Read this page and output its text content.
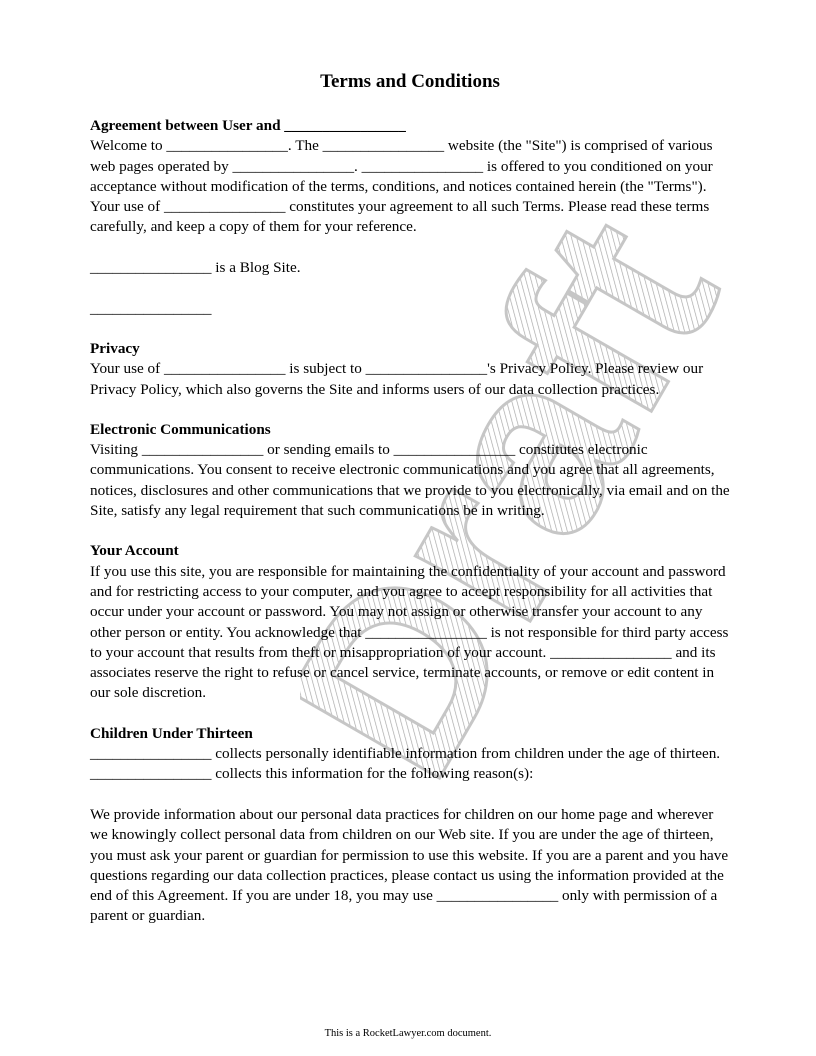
Draft
Terms and Conditions
Agreement between User and ________________

Welcome to ________________. The ________________ website (the "Site") is comprised of various web pages operated by ________________. ________________ is offered to you conditioned on your acceptance without modification of the terms, conditions, and notices contained herein (the "Terms"). Your use of ________________ constitutes your agreement to all such Terms. Please read these terms carefully, and keep a copy of them for your reference.

________________ is a Blog Site.

________________

Privacy

Your use of ________________ is subject to ________________'s Privacy Policy. Please review our Privacy Policy, which also governs the Site and informs users of our data collection practices.

Electronic Communications

Visiting ________________ or sending emails to ________________ constitutes electronic communications. You consent to receive electronic communications and you agree that all agreements, notices, disclosures and other communications that we provide to you electronically, via email and on the Site, satisfy any legal requirement that such communications be in writing.

Your Account

If you use this site, you are responsible for maintaining the confidentiality of your account and password and for restricting access to your computer, and you agree to accept responsibility for all activities that occur under your account or password. You may not assign or otherwise transfer your account to any other person or entity. You acknowledge that ________________ is not responsible for third party access to your account that results from theft or misappropriation of your account. ________________ and its associates reserve the right to refuse or cancel service, terminate accounts, or remove or edit content in our sole discretion.

Children Under Thirteen

________________ collects personally identifiable information from children under the age of thirteen. ________________ collects this information for the following reason(s):

We provide information about our personal data practices for children on our home page and wherever we knowingly collect personal data from children on our Web site. If you are under the age of thirteen, you must ask your parent or guardian for permission to use this website. If you are a parent and you have questions regarding our data collection practices, please contact us using the information provided at the end of this Agreement. If you are under 18, you may use ________________ only with permission of a parent or guardian.

This is a RocketLawyer.com document.
